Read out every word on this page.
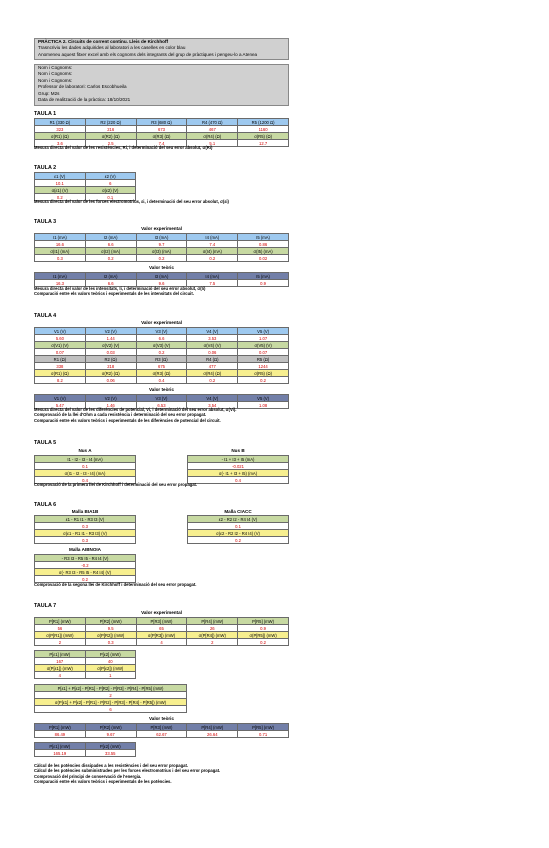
PRÀCTICA 2. Circuits de corrent continu. Lleis de Kirchhoff
Trasncriviu les dades adquirides al laboratori a les caselles en color blau
Anomeneu aquest fitxer excel amb els cognoms dels integrants del grup de pràctiques i pengeu-lo a Atenea
Nom i Cognoms:
Nom i Cognoms:
Nom i Cognoms:
Professor de laboratori: Carlos Escobhueila
Grup: M2s
Data de realització de la pràctica: 18/10/2021
TAULA 1
R1 (330 Ω)	R2 (220 Ω)	R3 (680 Ω)	R4 (470 Ω)	R5 (1200 Ω)
323	216	673	467	1160
σ(R1) (Ω)	σ(R2) (Ω)	σ(R3) (Ω)	σ(R4) (Ω)	σ(R5) (Ω)
3.6	2.5	7.4	5.1	12.7
Mesura directa del valor de les resistències, Ri, i determinació del seu error absolut, σ(Ri)
TAULA 2
ε1 (V)	ε2 (V)
10.1	6
σ(ε1) (V)	σ(ε2) (V)
0.2	0.1
Mesura directa del valor de les forces electromotrius, εi, i determinació del seu error absolut, σ(εi)
TAULA 3
Valor experimental
I1 (mA)	I2 (mA)	I3 (mA)	I4 (mA)	I5 (mA)
16.6	6.6	9.7	7.4	0.86
σ(I1) (mA)	σ(I2) (mA)	σ(I3) (mA)	σ(I4) (mA)	σ(I5) (mA)
0.3	0.2	0.2	0.2	0.02
Valor teòric
I1 (mA)	I2 (mA)	I3 (mA)	I4 (mA)	I5 (mA)
16.3	6.6	9.6	7.5	0.9
Mesura directa del valor de les intensitats, Ii, i determinació del seu error absolut, σ(Ii)
Comparació entre els valors teòrics i experimentals de les intensitats del circuit.
TAULA 4
Valor experimental
V1 (V)	V2 (V)	V3 (V)	V4 (V)	V5 (V)
5.60	1.44	6.6	3.53	1.07
σ(V1) (V)	σ(V2) (V)	σ(V3) (V)	σ(V4) (V)	σ(V5) (V)
0.07	0.03	0.2	0.06	0.07
R1 (Ω)	R2 (Ω)	R3 (Ω)	R4 (Ω)	R5 (Ω)
338	218	675	477	1244
σ(R1) (Ω)	σ(R2) (Ω)	σ(R3) (Ω)	σ(R4) (Ω)	σ(R5) (Ω)
8.2	0.06	0.4	0.2	0.2
Valor teòric
V1 (V)	V2 (V)	V3 (V)	V4 (V)	V5 (V)
5.47	1.46	6.53	3.54	1.08
Mesura directa del valor de les diferències de potencial, Vi, i determinació del seu error absolut, σ(Vi).
Comprovació de la llei d'Ohm a cada resistència i determinació del seu error propagat.
Comparació entre els valors teòrics i experimentals de les diferències de potencial del circuit.
TAULA 5
Nus A	Nus B
I1 - I2 - I3 - I4 (mA)
0.1
σ(I1 - I2 - I3 - I4) (mA)
0.4
- I1 + I3 + I5 (mA)
-0.021
σ(- I1 + I3 + I5) (mA)
0.4
Comprovació de la primera llei de Kirchhoff i determinació del seu error propagat.
TAULA 6
Malla BIA1B	Malla CIACC
ε1 - R1 I1 - R3 I3 (V)
0.3
σ(ε1 - R1 I1 - R3 I3) (V)
0.3
ε2 - R2 I2 - R4 I4 (V)
0.1
σ(ε2 - R2 I2 - R4 I4) (V)
0.2
Malla AIBNOIA
- R3 I3 - R5 I5 - R4 I4 (V)
-0.2
σ(- R3 I3 - R5 I5 - R4 I4) (V)
0.2
Comprovació de la segona llei de Kirchhoff i determinació del seu error propagat.
TAULA 7
Valor experimental
P[R1] (mW)	P[R2] (mW)	P[R3] (mW)	P[R4] (mW)	P[R5] (mW)
56	9.5	65	26	0.9
σ(P[R1]) (mW)	σ(P[R2]) (mW)	σ(P[R3]) (mW)	σ(P[R4]) (mW)	σ(P[R5]) (mW)
2	0.3	4	2	0.2
P[ε1] (mW)	P[ε2] (mW)
167	40
σ(P[ε1]) (mW)	σ(P[ε2]) (mW)
4	1
P[ε1] + P[ε2] - P[R1] - P[R2] - P[R3] - P[R4] - P[R5] (mW)
2
σ(P[ε1] + P[ε2] - P[R1] - P[R2] - P[R3] - P[R4] - P[R5]) (mW)
6
Valor teòric
P[R1] (mW)	P[R2] (mW)	P[R3] (mW)	P[R4] (mW)	P[R5] (mW)
86.49	9.67	62.67	26.64	0.71
P[ε1] (mW)	P[ε2] (mW)
165.19	33.55
Càlcul de les potències dissipades a les resistències i del seu error propagat.
Càlcul de les potències subministrades per les forces electromotrius i del seu error propagat.
Comprovació del principi de conservació de l'energia.
Comparació entre els valors teòrics i experimentals de les potències.
